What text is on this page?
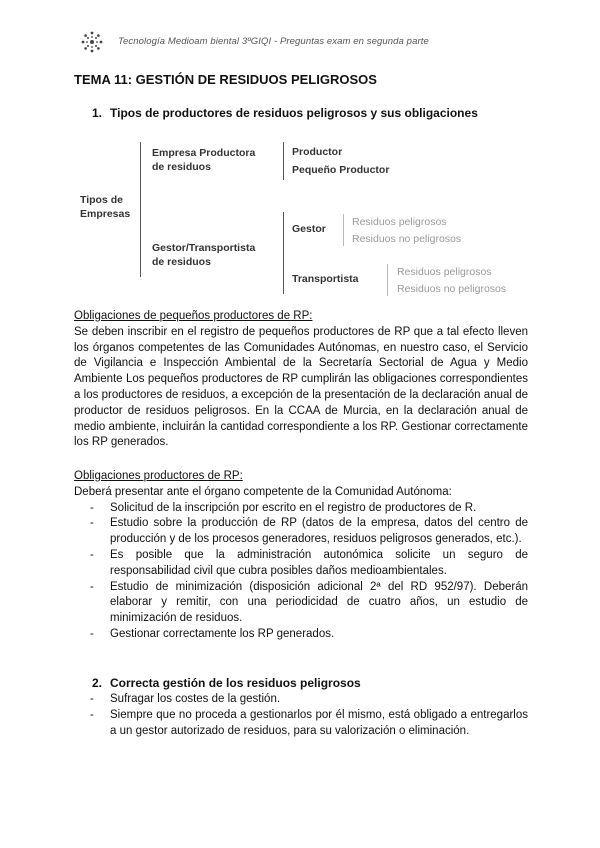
Tecnología Medioam biental 3ºGIQI - Preguntas exam en segunda parte
TEMA 11: GESTIÓN DE RESIDUOS PELIGROSOS
1. Tipos de productores de residuos peligrosos y sus obligaciones
Tipos de
Empresas
Empresa Productora
de residuos
Productor
Pequeño Productor
Gestor/Transportista
de residuos
Gestor
Residuos peligrosos
Residuos no peligrosos
Transportista
Residuos peligrosos
Residuos no peligrosos

Obligaciones de pequeños productores de RP:

Se deben inscribir en el registro de pequeños productores de RP que a tal efecto lleven los órganos competentes de las Comunidades Autónomas, en nuestro caso, el Servicio de Vigilancia e Inspección Ambiental de la Secretaría Sectorial de Agua y Medio Ambiente Los pequeños productores de RP cumplirán las obligaciones correspondientes a los productores de residuos, a excepción de la presentación de la declaración anual de productor de residuos peligrosos. En la CCAA de Murcia, en la declaración anual de medio ambiente, incluirán la cantidad correspondiente a los RP. Gestionar correctamente los RP generados.

Obligaciones productores de RP:

Deberá presentar ante el órgano competente de la Comunidad Autónoma:

- Solicitud de la inscripción por escrito en el registro de productores de R.
- Estudio sobre la producción de RP (datos de la empresa, datos del centro de producción y de los procesos generadores, residuos peligrosos generados, etc.).
- Es posible que la administración autonómica solicite un seguro de responsabilidad civil que cubra posibles daños medioambientales.
- Estudio de minimización (disposición adicional 2ª del RD 952/97). Deberán elaborar y remitir, con una periodicidad de cuatro años, un estudio de minimización de residuos.
- Gestionar correctamente los RP generados.
2. Correcta gestión de los residuos peligrosos
- Sufragar los costes de la gestión.
- Siempre que no proceda a gestionarlos por él mismo, está obligado a entregarlos a un gestor autorizado de residuos, para su valorización o eliminación.
